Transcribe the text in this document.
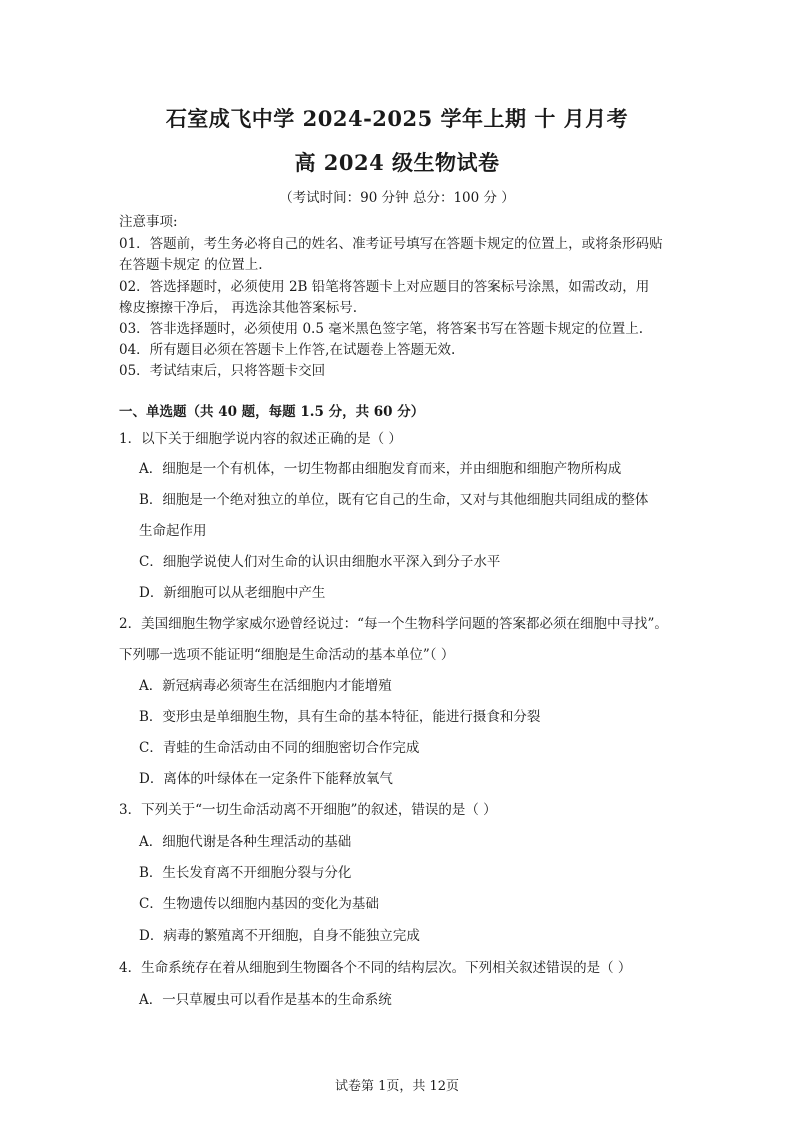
石室成飞中学 2024-2025 学年上期 十 月月考
高 2024 级生物试卷
（考试时间：90 分钟 总分：100 分 ）
注意事项:
01．答题前，考生务必将自己的姓名、准考证号填写在答题卡规定的位置上，或将条形码贴
在答题卡规定 的位置上.
02．答选择题时，必须使用 2B 铅笔将答题卡上对应题目的答案标号涂黑，如需改动，用
橡皮擦擦干净后， 再选涂其他答案标号.
03．答非选择题时，必须使用 0.5 毫米黑色签字笔，将答案书写在答题卡规定的位置上.
04．所有题目必须在答题卡上作答,在试题卷上答题无效.
05．考试结束后，只将答题卡交回
一、单选题（共 40 题，每题 1.5 分，共 60 分）
1．以下关于细胞学说内容的叙述正确的是（ ）
A．细胞是一个有机体，一切生物都由细胞发育而来，并由细胞和细胞产物所构成
B．细胞是一个绝对独立的单位，既有它自己的生命，又对与其他细胞共同组成的整体
生命起作用
C．细胞学说使人们对生命的认识由细胞水平深入到分子水平
D．新细胞可以从老细胞中产生
2．美国细胞生物学家威尔逊曾经说过：“每一个生物科学问题的答案都必须在细胞中寻找”。
下列哪一选项不能证明“细胞是生命活动的基本单位”（ ）
A．新冠病毒必须寄生在活细胞内才能增殖
B．变形虫是单细胞生物，具有生命的基本特征，能进行摄食和分裂
C．青蛙的生命活动由不同的细胞密切合作完成
D．离体的叶绿体在一定条件下能释放氧气
3．下列关于“一切生命活动离不开细胞”的叙述，错误的是（ ）
A．细胞代谢是各种生理活动的基础
B．生长发育离不开细胞分裂与分化
C．生物遗传以细胞内基因的变化为基础
D．病毒的繁殖离不开细胞，自身不能独立完成
4．生命系统存在着从细胞到生物圈各个不同的结构层次。下列相关叙述错误的是（ ）
A．一只草履虫可以看作是基本的生命系统
试卷第 1页，共 12页
